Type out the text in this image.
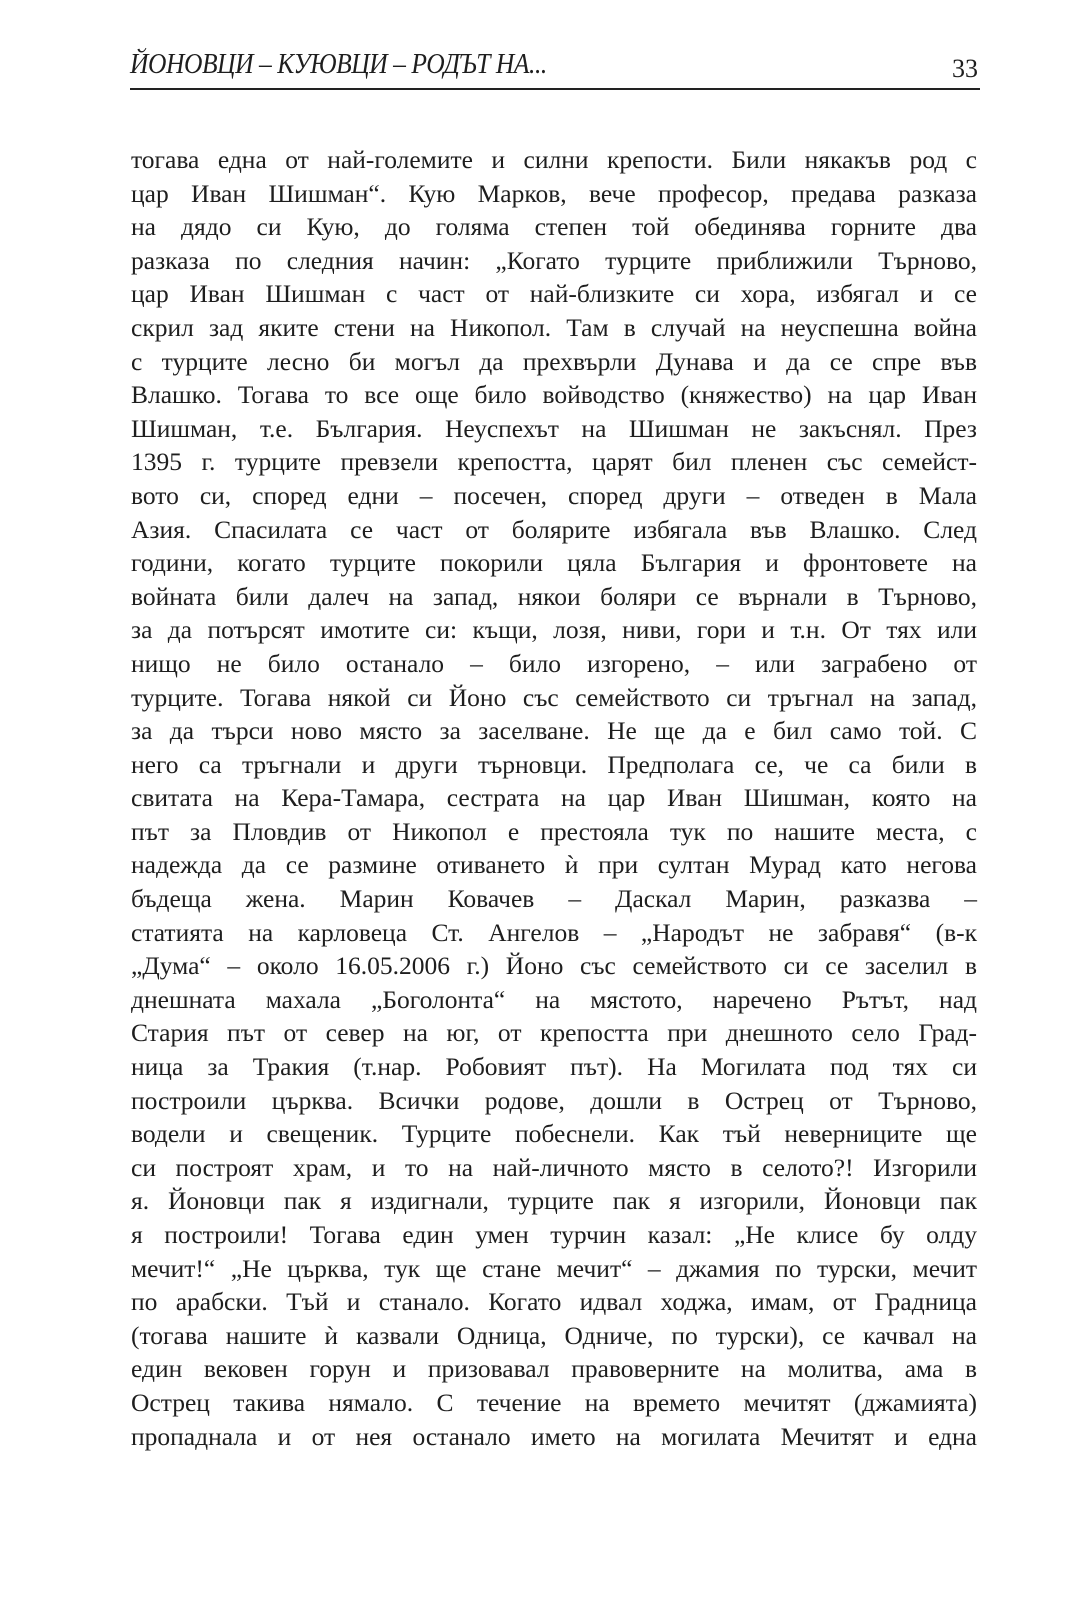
ЙОНОВЦИ – КУЮВЦИ – РОДЪТ НА...	33
тогава една от най-големите и силни крепости. Били някакъв род с
цар Иван Шишман“. Кую Марков, вече професор, предава разказа
на дядо си Кую, до голяма степен той обединява горните два
разказа по следния начин: „Когато турците приближили Търново,
цар Иван Шишман с част от най-близките си хора, избягал и се
скрил зад яките стени на Никопол. Там в случай на неуспешна война
с турците лесно би могъл да прехвърли Дунава и да се спре във
Влашко. Тогава то все още било войводство (княжество) на цар Иван
Шишман, т.е. България. Неуспехът на Шишман не закъснял. През
1395 г. турците превзели крепостта, царят бил пленен със семейст-
вото си, според едни – посечен, според други – отведен в Мала
Азия. Спасилата се част от болярите избягала във Влашко. След
години, когато турците покорили цяла България и фронтовете на
войната били далеч на запад, някои боляри се върнали в Търново,
за да потърсят имотите си: къщи, лозя, ниви, гори и т.н. От тях или
нищо не било останало – било изгорено, – или заграбено от
турците. Тогава някой си Йоно със семейството си тръгнал на запад,
за да търси ново място за заселване. Не ще да е бил само той. С
него са тръгнали и други търновци. Предполага се, че са били в
свитата на Кера-Тамара, сестрата на цар Иван Шишман, която на
път за Пловдив от Никопол е престояла тук по нашите места, с
надежда да се размине отиването ѝ при султан Мурад като негова
бъдеща жена. Марин Ковачев – Даскал Марин, разказва –
статията на карловеца Ст. Ангелов – „Народът не забравя“ (в-к
„Дума“ – около 16.05.2006 г.) Йоно със семейството си се заселил в
днешната махала „Боголонта“ на мястото, наречено Рътът, над
Стария път от север на юг, от крепостта при днешното село Град-
ница за Тракия (т.нар. Робовият път). На Могилата под тях си
построили църква. Всички родове, дошли в Острец от Търново,
водели и свещеник. Турците побеснели. Как тъй неверниците ще
си построят храм, и то на най-личното място в селото?! Изгорили
я. Йоновци пак я издигнали, турците пак я изгорили, Йоновци пак
я построили! Тогава един умен турчин казал: „Не клисе бу олду
мечит!“ „Не църква, тук ще стане мечит“ – джамия по турски, мечит
по арабски. Тъй и станало. Когато идвал ходжа, имам, от Градница
(тогава нашите ѝ казвали Одница, Одниче, по турски), се качвал на
един вековен горун и призовавал правоверните на молитва, ама в
Острец такива нямало. С течение на времето мечитят (джамията)
пропаднала и от нея останало името на могилата Мечитят и една
